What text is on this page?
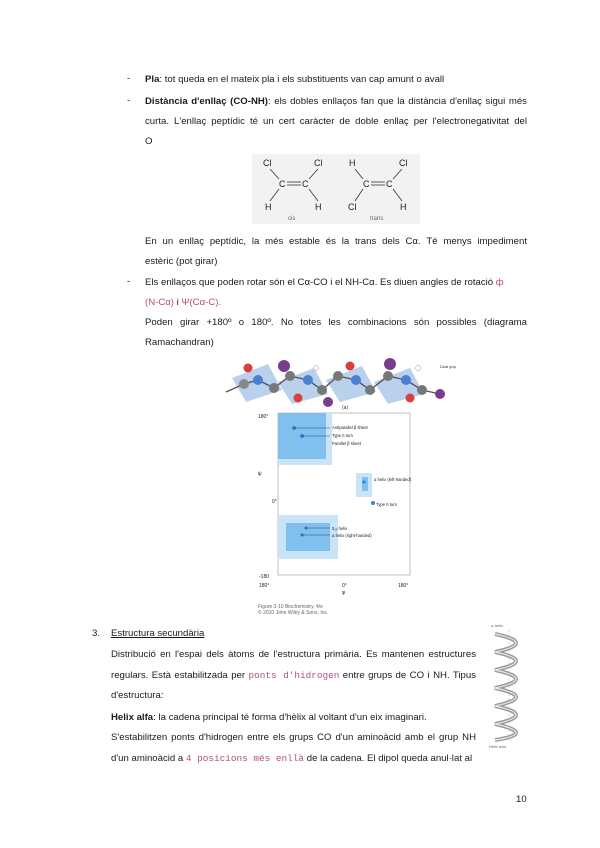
- Pla: tot queda en el mateix pla i els substituents van cap amunt o avall
- Distància d'enllaç (CO-NH): els dobles enllaços fan que la distància d'enllaç sigui més
curta. L'enllaç peptídic té un cert caràcter de doble enllaç per l'electronegativitat del
O
Cl	Cl
C C
H	H
cis
H	Cl
C C
Cl	H
trans
En un enllaç peptídic, la més estable és la trans dels Cα. Té menys impediment
estèric (pot girar)
- Els enllaços que poden rotar són el Cα-CO i el NH-Cα. Es diuen angles de rotació ф
(N-Cα) i Ψ(Cα-C).
Poden girar +180º o 180º. No totes les combinacions són possibles (diagrama
Ramachandran)
(a)
Dual ψ/φ
180°
ψ
0°
-180
180°	0°	180°
φ
Antiparallel β sheet
Type II turn
Parallel β sheet
α helix (left-handed)
Type II turn
3₁₀ helix
α helix (right-handed)
Figure 3-10 Biochemistry, 4/e
© 2010 John Wiley & Sons, Inc.
3. Estructura secundària
Distribució en l'espai dels àtoms de l'estructura primària. Es mantenen estructures
regulars. Està estabilitzada per ponts d'hidrogen entre grups de CO i NH. Tipus
d'estructura:
Helix alfa: la cadena principal té forma d'hèlix al voltant d'un eix imaginari.
S'estabilitzen ponts d'hidrogen entre els grups CO d'un aminoàcid amb el grup NH
d'un aminoàcid a 4 posicions més enllà de la cadena. El dipol queda anul·lat al
α-helix
Helix axis
10
